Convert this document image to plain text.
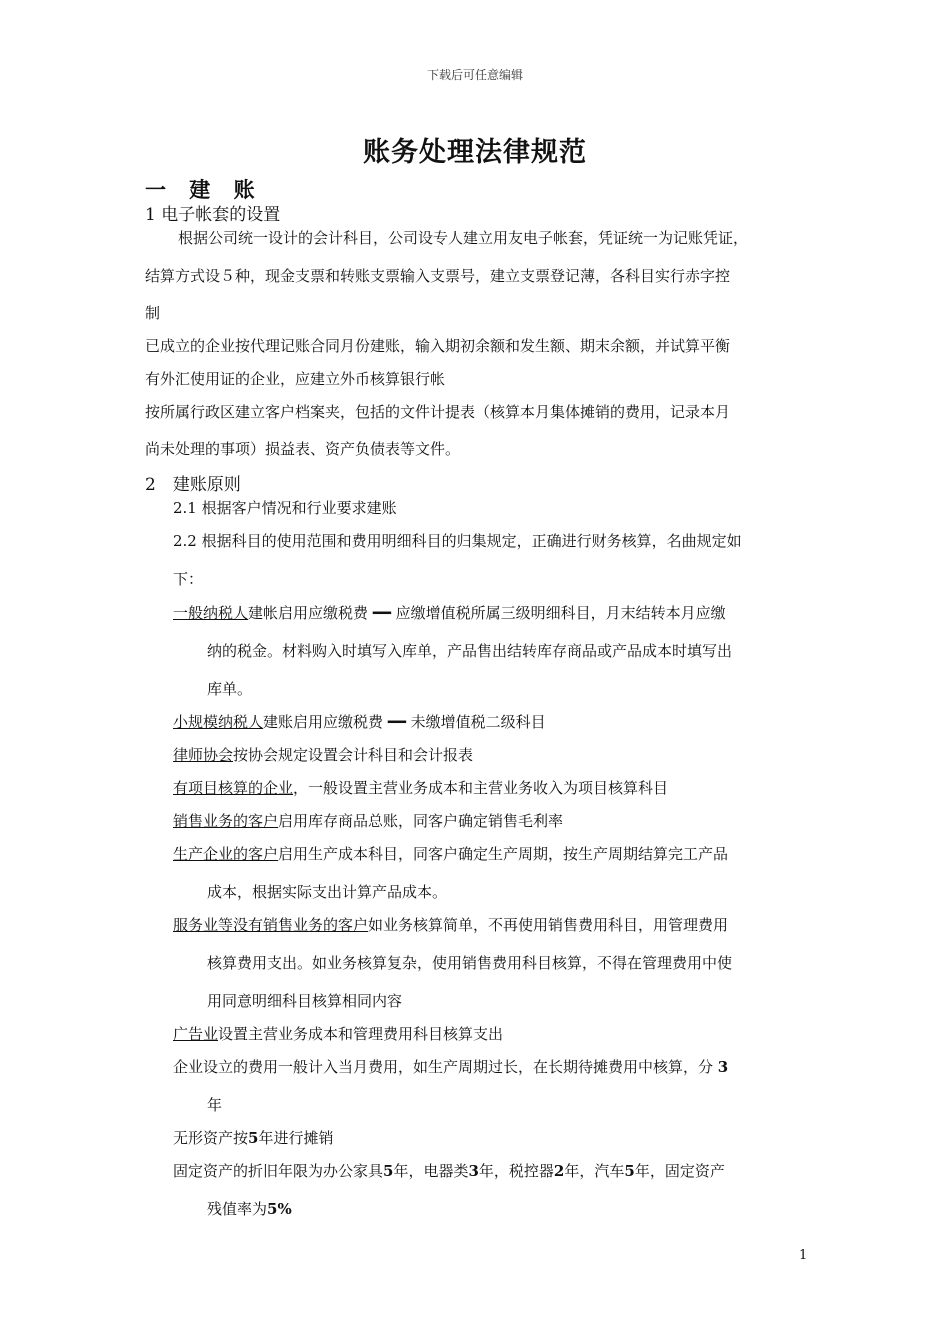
下载后可任意编辑
账务处理法律规范
一 建 账
1 电子帐套的设置
根据公司统一设计的会计科目，公司设专人建立用友电子帐套，凭证统一为记账凭证，
结算方式设５种，现金支票和转账支票输入支票号，建立支票登记薄，各科目实行赤字控
制
已成立的企业按代理记账合同月份建账，输入期初余额和发生额、期末余额，并试算平衡
有外汇使用证的企业，应建立外币核算银行帐
按所属行政区建立客户档案夹，包括的文件计提表（核算本月集体摊销的费用，记录本月
尚未处理的事项）损益表、资产负债表等文件。
2　建账原则
2.1 根据客户情况和行业要求建账
2.2 根据科目的使用范围和费用明细科目的归集规定，正确进行财务核算，名曲规定如
下：
一般纳税人建帐启用应缴税费 ━━ 应缴增值税所属三级明细科目，月末结转本月应缴
纳的税金。材料购入时填写入库单，产品售出结转库存商品或产品成本时填写出
库单。
小规模纳税人建账启用应缴税费 ━━ 未缴增值税二级科目
律师协会按协会规定设置会计科目和会计报表
有项目核算的企业，一般设置主营业务成本和主营业务收入为项目核算科目
销售业务的客户启用库存商品总账，同客户确定销售毛利率
生产企业的客户启用生产成本科目，同客户确定生产周期，按生产周期结算完工产品
成本，根据实际支出计算产品成本。
服务业等没有销售业务的客户如业务核算简单，不再使用销售费用科目，用管理费用
核算费用支出。如业务核算复杂，使用销售费用科目核算，不得在管理费用中使
用同意明细科目核算相同内容
广告业设置主营业务成本和管理费用科目核算支出
企业设立的费用一般计入当月费用，如生产周期过长，在长期待摊费用中核算，分 3
年
无形资产按5年进行摊销
固定资产的折旧年限为办公家具5年，电器类3年，税控器2年，汽车5年，固定资产
残值率为5%
1
